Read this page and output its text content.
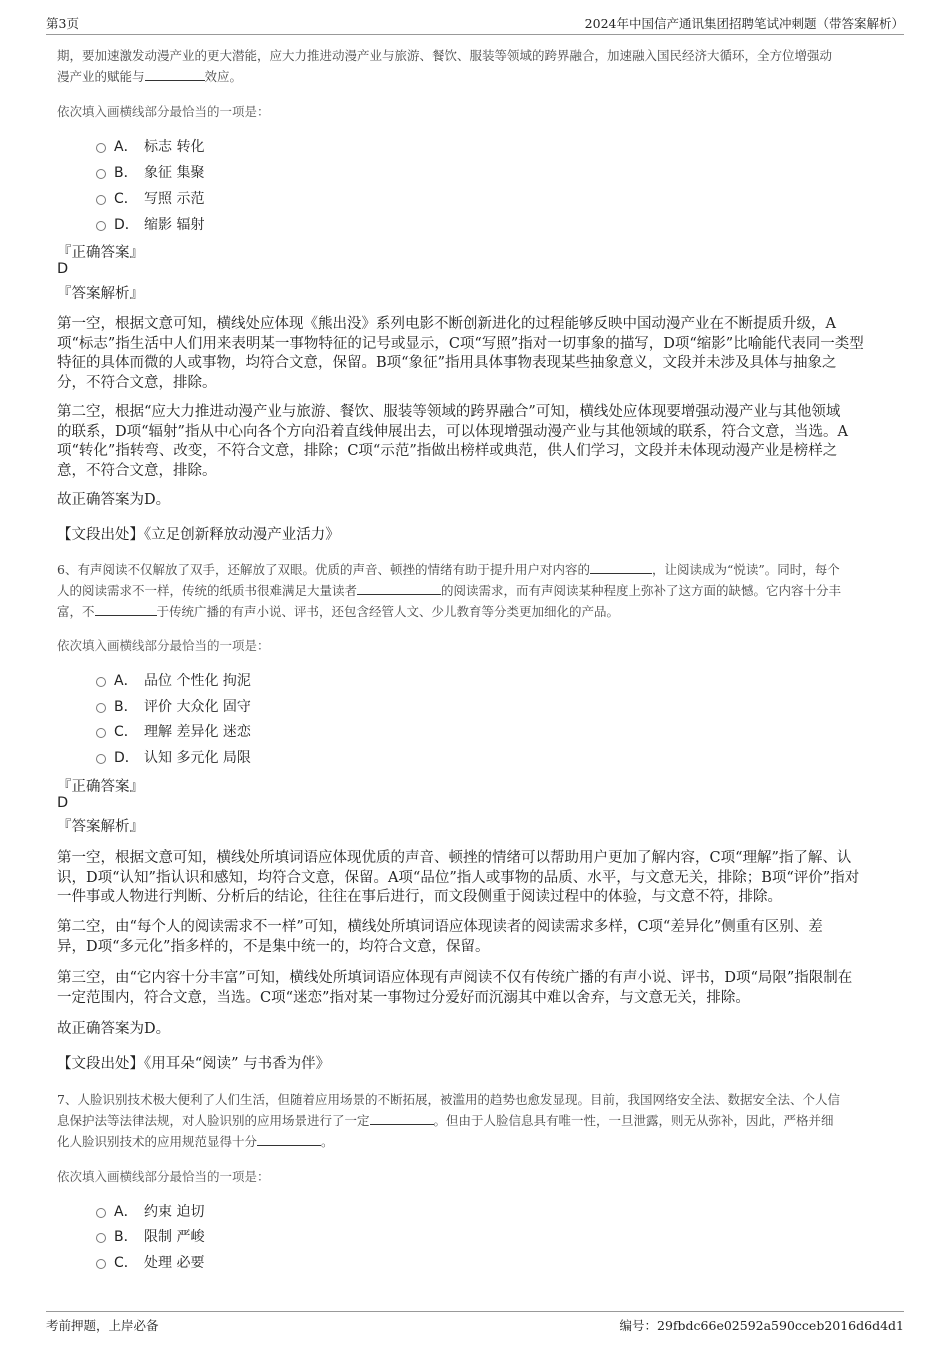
第3页	2024年中国信产通讯集团招聘笔试冲刺题（带答案解析）
期，要加速激发动漫产业的更大潜能，应大力推进动漫产业与旅游、餐饮、服装等领域的跨界融合，加速融入国民经济大循环，全方位增强动
漫产业的赋能与	效应。
依次填入画横线部分最恰当的一项是：
A． 标志 转化
B． 象征 集聚
C． 写照 示范
D． 缩影 辐射
『正确答案』
D
『答案解析』
第一空，根据文意可知，横线处应体现《熊出没》系列电影不断创新进化的过程能够反映中国动漫产业在不断提质升级，A
项“标志”指生活中人们用来表明某一事物特征的记号或显示，C项“写照”指对一切事象的描写，D项“缩影”比喻能代表同一类型
特征的具体而微的人或事物，均符合文意，保留。B项“象征”指用具体事物表现某些抽象意义，文段并未涉及具体与抽象之
分，不符合文意，排除。
第二空，根据“应大力推进动漫产业与旅游、餐饮、服装等领域的跨界融合”可知，横线处应体现要增强动漫产业与其他领域
的联系，D项“辐射”指从中心向各个方向沿着直线伸展出去，可以体现增强动漫产业与其他领域的联系，符合文意，当选。A
项“转化”指转弯、改变，不符合文意，排除；C项“示范”指做出榜样或典范，供人们学习，文段并未体现动漫产业是榜样之
意，不符合文意，排除。
故正确答案为D。
【文段出处】《立足创新释放动漫产业活力》
6、有声阅读不仅解放了双手，还解放了双眼。优质的声音、顿挫的情绪有助于提升用户对内容的	，让阅读成为“悦读”。同时，每个
人的阅读需求不一样，传统的纸质书很难满足大量读者	的阅读需求，而有声阅读某种程度上弥补了这方面的缺憾。它内容十分丰
富，不	于传统广播的有声小说、评书，还包含经管人文、少儿教育等分类更加细化的产品。
依次填入画横线部分最恰当的一项是：
A． 品位 个性化 拘泥
B． 评价 大众化 固守
C． 理解 差异化 迷恋
D． 认知 多元化 局限
『正确答案』
D
『答案解析』
第一空，根据文意可知，横线处所填词语应体现优质的声音、顿挫的情绪可以帮助用户更加了解内容，C项“理解”指了解、认
识，D项“认知”指认识和感知，均符合文意，保留。A项“品位”指人或事物的品质、水平，与文意无关，排除；B项“评价”指对
一件事或人物进行判断、分析后的结论，往往在事后进行，而文段侧重于阅读过程中的体验，与文意不符，排除。
第二空，由“每个人的阅读需求不一样”可知，横线处所填词语应体现读者的阅读需求多样，C项“差异化”侧重有区别、差
异，D项“多元化”指多样的，不是集中统一的，均符合文意，保留。
第三空，由“它内容十分丰富”可知，横线处所填词语应体现有声阅读不仅有传统广播的有声小说、评书，D项“局限”指限制在
一定范围内，符合文意，当选。C项“迷恋”指对某一事物过分爱好而沉溺其中难以舍弃，与文意无关，排除。
故正确答案为D。
【文段出处】《用耳朵“阅读” 与书香为伴》
7、人脸识别技术极大便利了人们生活，但随着应用场景的不断拓展，被滥用的趋势也愈发显现。目前，我国网络安全法、数据安全法、个人信
息保护法等法律法规，对人脸识别的应用场景进行了一定	。但由于人脸信息具有唯一性，一旦泄露，则无从弥补，因此，严格并细
化人脸识别技术的应用规范显得十分	。
依次填入画横线部分最恰当的一项是：
A． 约束 迫切
B． 限制 严峻
C． 处理 必要
考前押题，上岸必备	编号：29fbdc66e02592a590cceb2016d6d4d1
